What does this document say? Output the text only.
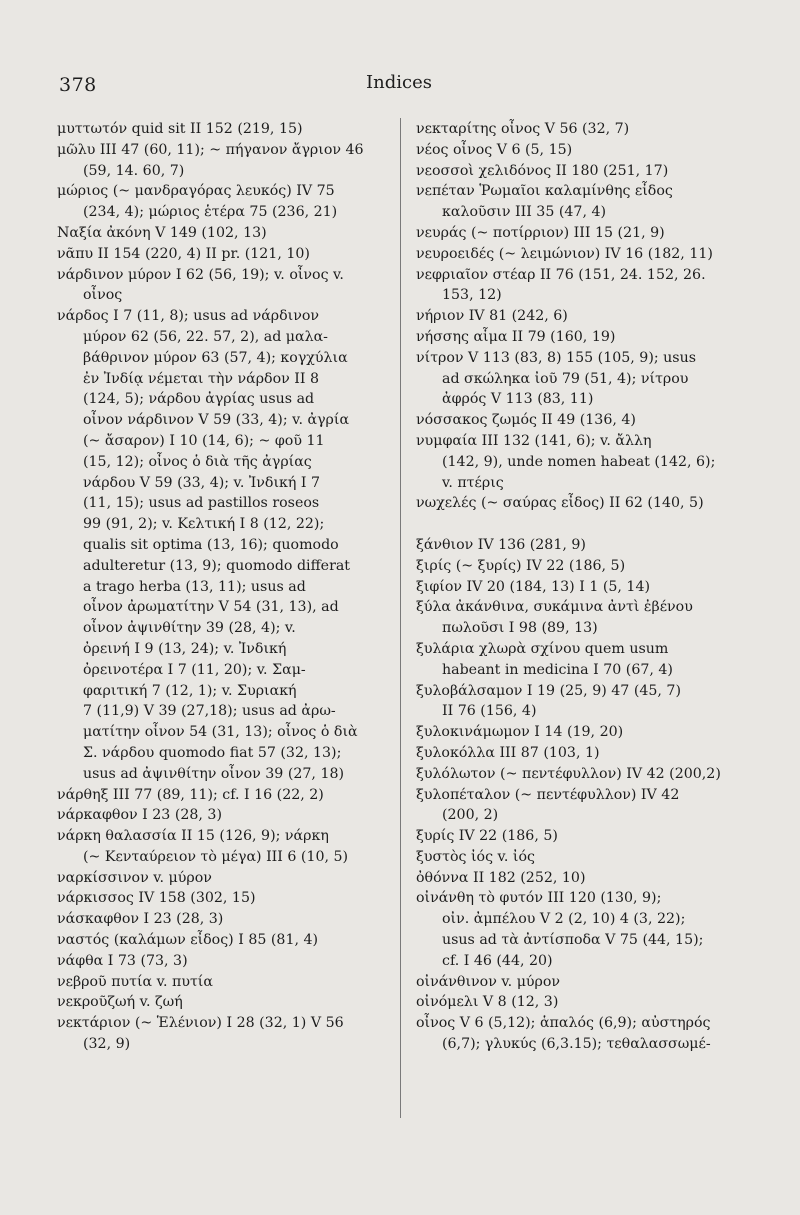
378	Indices
μυττωτόν quid sit II 152 (219, 15)
μῶλυ III 47 (60, 11); ~ πήγανον ἄγριον 46
(59, 14. 60, 7)
μώριος (~ μανδραγόρας λευκός) IV 75
(234, 4); μώριος ἑτέρα 75 (236, 21)
Ναξία ἀκόνη V 149 (102, 13)
νᾶπυ II 154 (220, 4) II pr. (121, 10)
νάρδινον μύρον I 62 (56, 19); v. οἶνος v.
οἶνος
νάρδος I 7 (11, 8); usus ad νάρδινον
μύρον 62 (56, 22. 57, 2), ad μαλα-
βάθρινον μύρον 63 (57, 4); κογχύλια
ἐν Ἰνδίᾳ νέμεται τὴν νάρδον II 8
(124, 5); νάρδου ἀγρίας usus ad
οἶνον νάρδινον V 59 (33, 4); v. ἀγρία
(~ ἄσαρον) I 10 (14, 6); ~ φοῦ 11
(15, 12); οἶνος ὁ διὰ τῆς ἀγρίας
νάρδου V 59 (33, 4); v. Ἰνδική I 7
(11, 15); usus ad pastillos roseos
99 (91, 2); v. Κελτική I 8 (12, 22);
qualis sit optima (13, 16); quomodo
adulteretur (13, 9); quomodo differat
a trago herba (13, 11); usus ad
οἶνον ἀρωματίτην V 54 (31, 13), ad
οἶνον ἀψινθίτην 39 (28, 4); v.
ὀρεινή I 9 (13, 24); v. Ἰνδική
ὀρεινοτέρα I 7 (11, 20); v. Σαμ-
φαριτική 7 (12, 1); v. Συριακή
7 (11,9) V 39 (27,18); usus ad ἀρω-
ματίτην οἶνον 54 (31, 13); οἶνος ὁ διὰ
Σ. νάρδου quomodo fiat 57 (32, 13);
usus ad ἀψινθίτην οἶνον 39 (27, 18)
νάρθηξ III 77 (89, 11); cf. I 16 (22, 2)
νάρκαφθον I 23 (28, 3)
νάρκη θαλασσία II 15 (126, 9); νάρκη
(~ Κενταύρειον τὸ μέγα) III 6 (10, 5)
ναρκίσσινον v. μύρον
νάρκισσος IV 158 (302, 15)
νάσκαφθον I 23 (28, 3)
ναστός (καλάμων εἶδος) I 85 (81, 4)
νάφθα I 73 (73, 3)
νεβροῦ πυτία v. πυτία
νεκροῦζωή v. ζωή
νεκτάριον (~ Ἑλένιον) I 28 (32, 1) V 56
(32, 9)
νεκταρίτης οἶνος V 56 (32, 7)
νέος οἶνος V 6 (5, 15)
νεοσσοὶ χελιδόνος II 180 (251, 17)
νεπέταν Ῥωμαῖοι καλαμίνθης εἶδος
καλοῦσιν III 35 (47, 4)
νευράς (~ ποτίρριον) III 15 (21, 9)
νευροειδές (~ λειμώνιον) IV 16 (182, 11)
νεφριαῖον στέαρ II 76 (151, 24. 152, 26.
153, 12)
νήριον IV 81 (242, 6)
νήσσης αἷμα II 79 (160, 19)
νίτρον V 113 (83, 8) 155 (105, 9); usus
ad σκώληκα ἰοῦ 79 (51, 4); νίτρου
ἀφρός V 113 (83, 11)
νόσσακος ζωμός II 49 (136, 4)
νυμφαία III 132 (141, 6); v. ἄλλη
(142, 9), unde nomen habeat (142, 6);
v. πτέρις
νωχελές (~ σαύρας εἶδος) II 62 (140, 5)

ξάνθιον IV 136 (281, 9)
ξιρίς (~ ξυρίς) IV 22 (186, 5)
ξιφίον IV 20 (184, 13) I 1 (5, 14)
ξύλα ἀκάνθινα, συκάμινα ἀντὶ ἐβένου
πωλοῦσι I 98 (89, 13)
ξυλάρια χλωρὰ σχίνου quem usum
habeant in medicina I 70 (67, 4)
ξυλοβάλσαμον I 19 (25, 9) 47 (45, 7)
II 76 (156, 4)
ξυλοκινάμωμον I 14 (19, 20)
ξυλοκόλλα III 87 (103, 1)
ξυλόλωτον (~ πεντέφυλλον) IV 42 (200,2)
ξυλοπέταλον (~ πεντέφυλλον) IV 42
(200, 2)
ξυρίς IV 22 (186, 5)
ξυστὸς ἰός v. ἰός
ὀθόννα II 182 (252, 10)
οἰνάνθη τὸ φυτόν III 120 (130, 9);
οἰν. ἀμπέλου V 2 (2, 10) 4 (3, 22);
usus ad τὰ ἀντίσποδα V 75 (44, 15);
cf. I 46 (44, 20)
οἰνάνθινον v. μύρον
οἰνόμελι V 8 (12, 3)
οἶνος V 6 (5,12); ἁπαλός (6,9); αὐστηρός
(6,7); γλυκύς (6,3.15); τεθαλασσωμέ-
